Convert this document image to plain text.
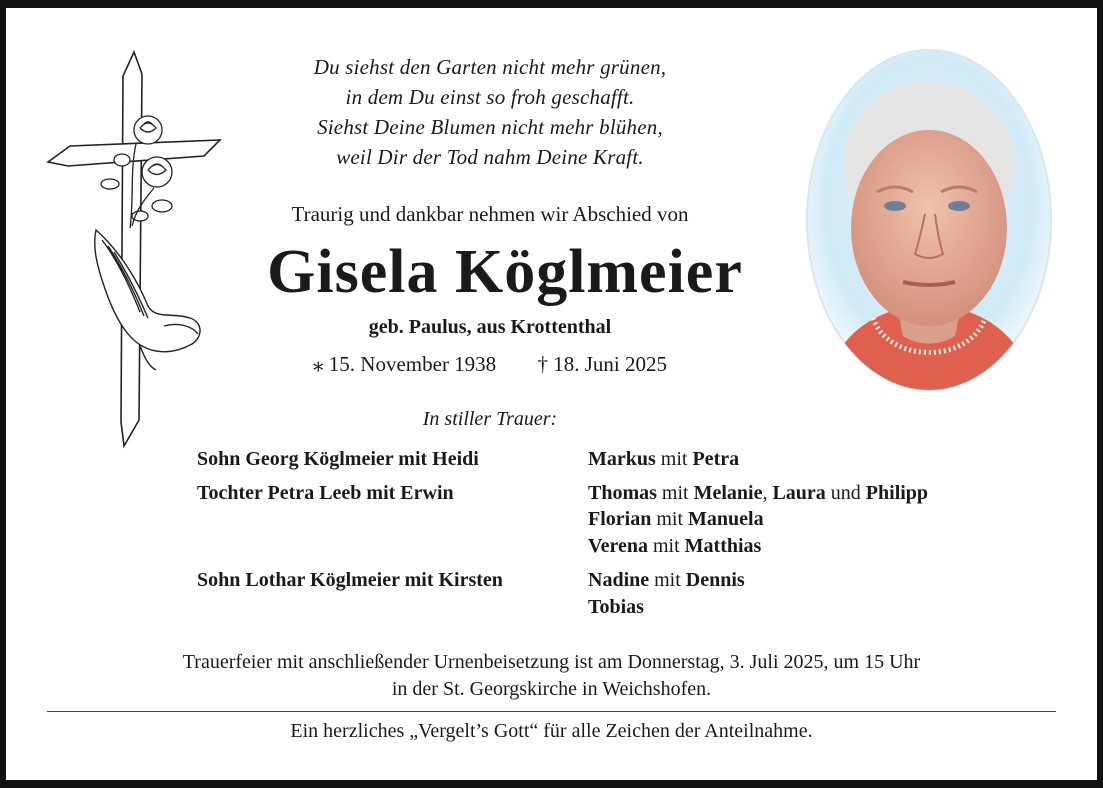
Du siehst den Garten nicht mehr grünen,
in dem Du einst so froh geschafft.
Siehst Deine Blumen nicht mehr blühen,
weil Dir der Tod nahm Deine Kraft.
Traurig und dankbar nehmen wir Abschied von
Gisela Köglmeier
geb. Paulus, aus Krottenthal
⁎ 15. November 1938 † 18. Juni 2025
In stiller Trauer:
Sohn Georg Köglmeier mit Heidi
Tochter Petra Leeb mit Erwin
Sohn Lothar Köglmeier mit Kirsten
Markus mit Petra
Thomas mit Melanie, Laura und Philipp
Florian mit Manuela
Verena mit Matthias
Nadine mit Dennis
Tobias
Trauerfeier mit anschließender Urnenbeisetzung ist am Donnerstag, 3. Juli 2025, um 15 Uhr
in der St. Georgskirche in Weichshofen.
Ein herzliches „Vergelt’s Gott“ für alle Zeichen der Anteilnahme.
